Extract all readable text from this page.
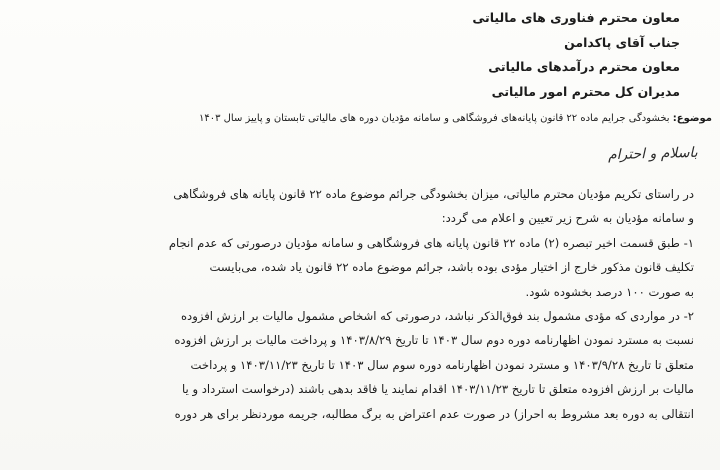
معاون محترم فناوری های مالیاتی
جناب آقای پاکدامن
معاون محترم درآمدهای مالیاتی
مدیران کل محترم امور مالیاتی
موضوع: بخشودگی جرایم ماده ۲۲ قانون پایانه‌های فروشگاهی و سامانه مؤدیان دوره های مالیاتی تابستان و پاییز سال ۱۴۰۳
باسلام و احترام

در راستای تکریم مؤدیان محترم مالیاتی، میزان بخشودگی جرائم موضوع ماده ۲۲ قانون پایانه های فروشگاهی
و سامانه مؤدیان به شرح زیر تعیین و اعلام می گردد:

۱- طبق قسمت اخیر تبصره (۲) ماده ۲۲ قانون پایانه های فروشگاهی و سامانه مؤدیان درصورتی که عدم انجام
تکلیف قانون مذکور خارج از اختیار مؤدی بوده باشد، جرائم موضوع ماده ۲۲ قانون یاد شده، می‌بایست
به صورت ۱۰۰ درصد بخشوده شود.

۲- در مواردی که مؤدی مشمول بند فوق‌الذکر نباشد، درصورتی که اشخاص مشمول مالیات بر ارزش افزوده
نسبت به مسترد نمودن اظهارنامه دوره دوم سال ۱۴۰۳ تا تاریخ ۱۴۰۳/۸/۲۹ و پرداخت مالیات بر ارزش افزوده
متعلق تا تاریخ ۱۴۰۳/۹/۲۸ و مسترد نمودن اظهارنامه دوره سوم سال ۱۴۰۳ تا تاریخ ۱۴۰۳/۱۱/۲۳ و پرداخت
مالیات بر ارزش افزوده متعلق تا تاریخ ۱۴۰۳/۱۱/۲۳ اقدام نمایند یا فاقد بدهی باشند (درخواست استرداد و یا
انتقالی به دوره بعد مشروط به احراز) در صورت عدم اعتراض به برگ مطالبه، جریمه موردنظر برای هر دوره
